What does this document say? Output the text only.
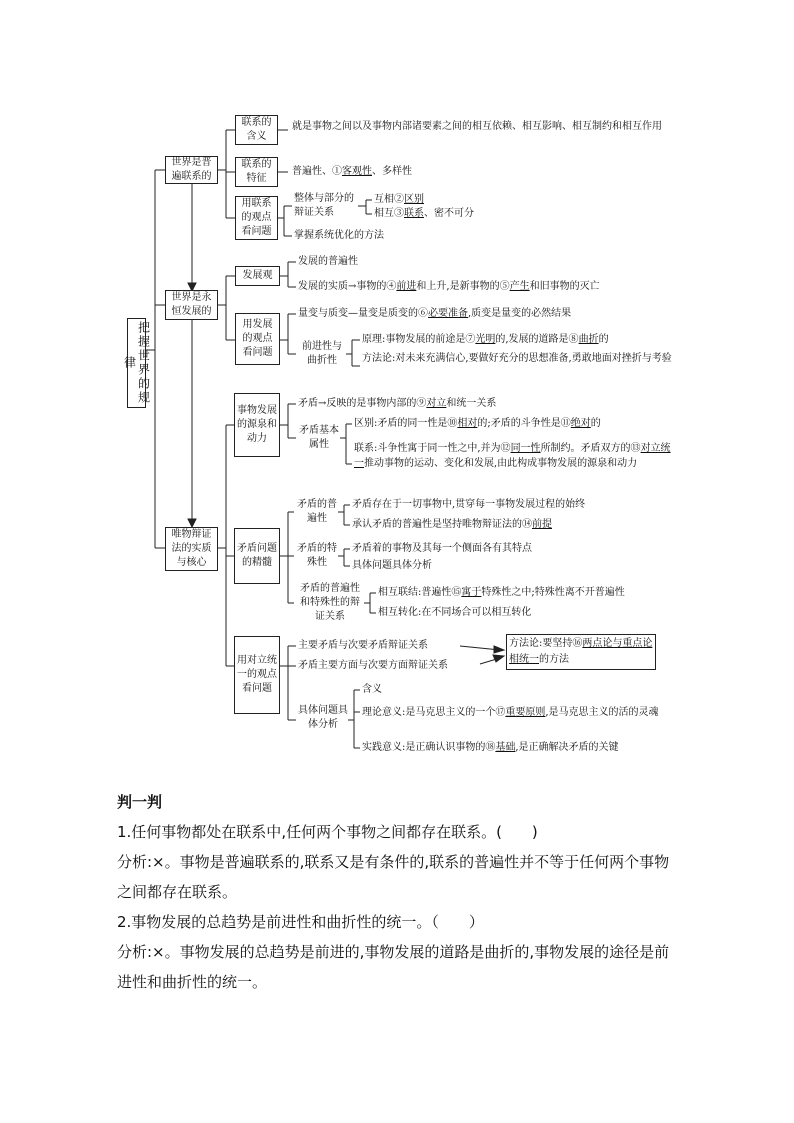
把握世界的规律
世界是普遍联系的
联系的含义
就是事物之间以及事物内部诸要素之间的相互依赖、相互影响、相互制约和相互作用
联系的特征
普遍性、①客观性、多样性
用联系的观点看问题
整体与部分的辩证关系
互相②区别
相互③联系、密不可分
掌握系统优化的方法
世界是永恒发展的
发展观
发展的普遍性
发展的实质→事物的④前进和上升,是新事物的⑤产生和旧事物的灭亡
用发展的观点看问题
量变与质变—量变是质变的⑥必要准备,质变是量变的必然结果
前进性与曲折性
原理:事物发展的前途是⑦光明的,发展的道路是⑧曲折的
方法论:对未来充满信心,要做好充分的思想准备,勇敢地面对挫折与考验
唯物辩证法的实质与核心
事物发展的源泉和动力
矛盾→反映的是事物内部的⑨对立和统一关系
矛盾基本属性
区别:矛盾的同一性是⑩相对的;矛盾的斗争性是⑪绝对的
联系:斗争性寓于同一性之中,并为⑫同一性所制约。矛盾双方的⑬对立统一推动事物的运动、变化和发展,由此构成事物发展的源泉和动力
矛盾问题的精髓
矛盾的普遍性
矛盾存在于一切事物中,贯穿每一事物发展过程的始终
承认矛盾的普遍性是坚持唯物辩证法的⑭前提
矛盾的特殊性
矛盾着的事物及其每一个侧面各有其特点
具体问题具体分析
矛盾的普遍性和特殊性的辩证关系
相互联结:普遍性⑮寓于特殊性之中;特殊性离不开普遍性
相互转化:在不同场合可以相互转化
用对立统一的观点看问题
主要矛盾与次要矛盾辩证关系
矛盾主要方面与次要方面辩证关系
方法论:要坚持⑯两点论与重点论相统一的方法
具体问题具体分析
含义
理论意义:是马克思主义的一个⑰重要原则,是马克思主义的活的灵魂
实践意义:是正确认识事物的⑱基础,是正确解决矛盾的关键

判一判

1.任何事物都处在联系中,任何两个事物之间都存在联系。(　　)

分析:×。事物是普遍联系的,联系又是有条件的,联系的普遍性并不等于任何两个事物之间都存在联系。

2.事物发展的总趋势是前进性和曲折性的统一。（　　）

分析:×。事物发展的总趋势是前进的,事物发展的道路是曲折的,事物发展的途径是前进性和曲折性的统一。
